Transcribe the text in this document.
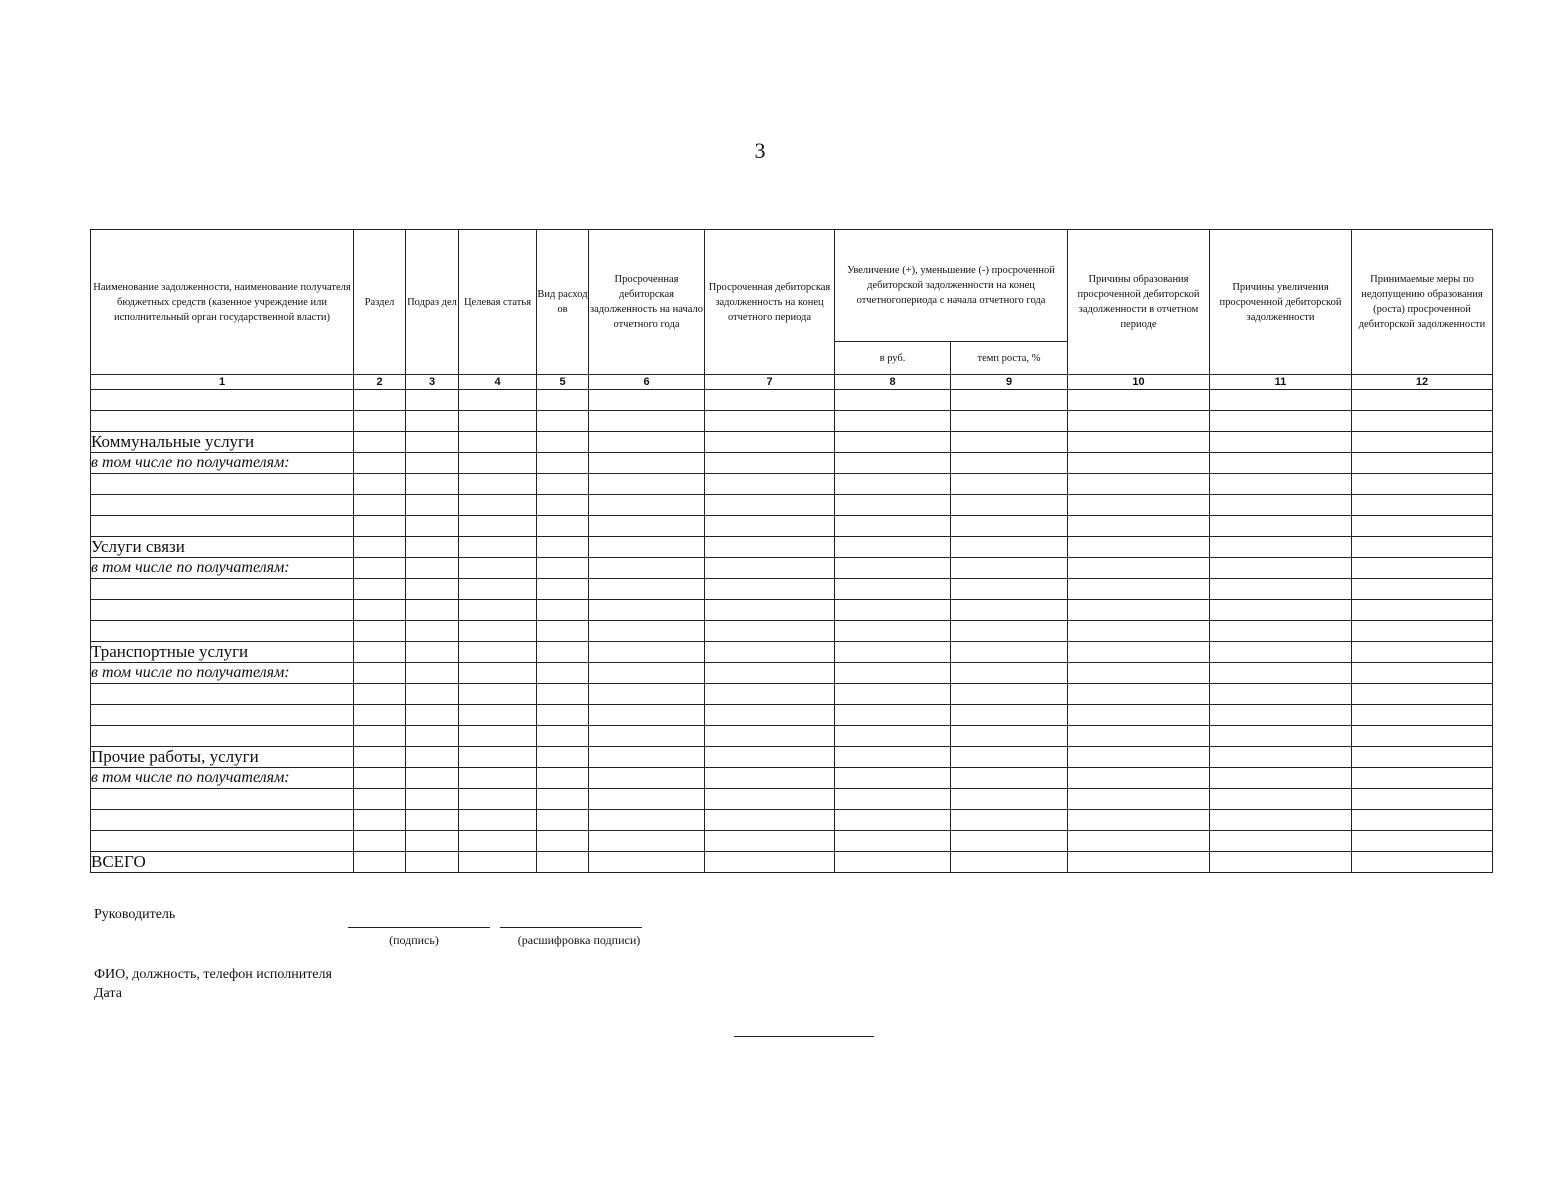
3
Наименование задолженности, наименование получателя бюджетных средств (казенное учреждение или исполнительный орган государственной власти)	Раздел	Подраз дел	Целевая статья	Вид расход ов	Просроченная дебиторская задолженность на начало отчетного года	Просроченная дебиторская задолженность на конец отчетного периода	Увеличение (+), уменьшение (-) просроченной дебиторской задолженности на конец отчетногопериода с начала отчетного года		Причины образования просроченной дебиторской задолженности в отчетном периоде	Причины увеличения просроченной дебиторской задолженности	Принимаемые меры по недопущению образования (роста) просроченной дебиторской задолженности
							в руб.	темп роста, %			
1	2	3	4	5	6	7	8	9	10	11	12

Коммунальные услуги											
в том числе по получателям:											

Услуги связи											
в том числе по получателям:											

Транспортные услуги											
в том числе по получателям:											

Прочие работы, услуги											
в том числе по получателям:											

ВСЕГО											
Руководитель
(подпись)	(расшифровка подписи)
ФИО, должность, телефон исполнителя
Дата
